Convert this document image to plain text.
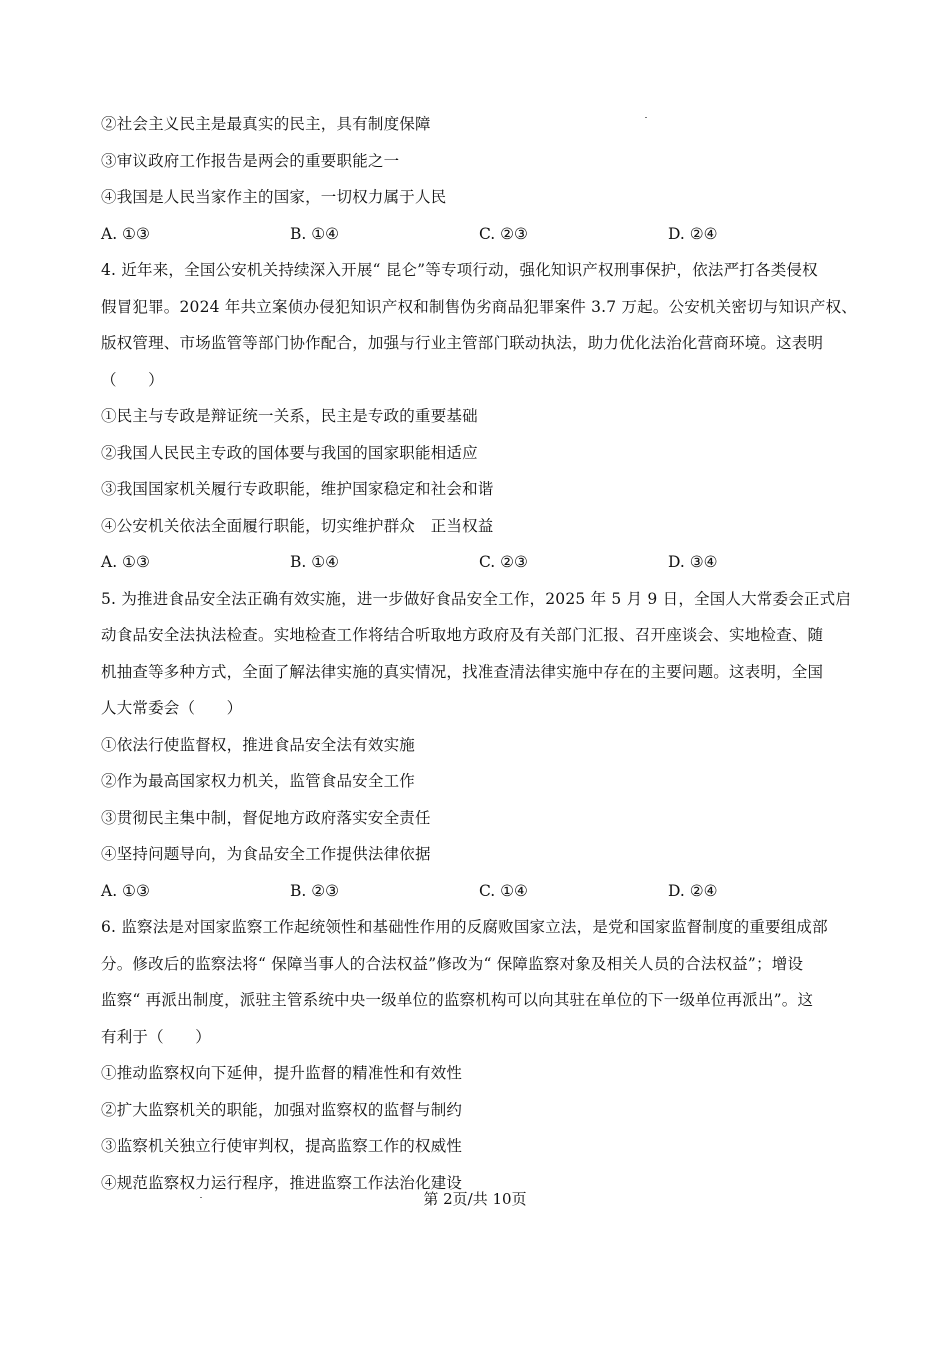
②社会主义民主是最真实的民主，具有制度保障
③审议政府工作报告是两会的重要职能之一
④我国是人民当家作主的国家，一切权力属于人民
A. ①③	B. ①④	C. ②③	D. ②④
4. 近年来，全国公安机关持续深入开展“ 昆仑”等专项行动，强化知识产权刑事保护，依法严打各类侵权
假冒犯罪。2024 年共立案侦办侵犯知识产权和制售伪劣商品犯罪案件 3.7 万起。公安机关密切与知识产权、
版权管理、市场监管等部门协作配合，加强与行业主管部门联动执法，助力优化法治化营商环境。这表明
（　　）
①民主与专政是辩证统一关系，民主是专政的重要基础
②我国人民民主专政的国体要与我国的国家职能相适应
③我国国家机关履行专政职能，维护国家稳定和社会和谐
④公安机关依法全面履行职能，切实维护群众　正当权益
A. ①③	B. ①④	C. ②③	D. ③④
5. 为推进食品安全法正确有效实施，进一步做好食品安全工作，2025 年 5 月 9 日，全国人大常委会正式启
动食品安全法执法检查。实地检查工作将结合听取地方政府及有关部门汇报、召开座谈会、实地检查、随
机抽查等多种方式，全面了解法律实施的真实情况，找准查清法律实施中存在的主要问题。这表明，全国
人大常委会（　　）
①依法行使监督权，推进食品安全法有效实施
②作为最高国家权力机关，监管食品安全工作
③贯彻民主集中制，督促地方政府落实安全责任
④坚持问题导向，为食品安全工作提供法律依据
A. ①③	B. ②③	C. ①④	D. ②④
6. 监察法是对国家监察工作起统领性和基础性作用的反腐败国家立法，是党和国家监督制度的重要组成部
分。修改后的监察法将“ 保障当事人的合法权益”修改为“ 保障监察对象及相关人员的合法权益”；增设
监察“ 再派出制度，派驻主管系统中央一级单位的监察机构可以向其驻在单位的下一级单位再派出”。这
有利于（　　）
①推动监察权向下延伸，提升监督的精准性和有效性
②扩大监察机关的职能，加强对监察权的监督与制约
③监察机关独立行使审判权，提高监察工作的权威性
④规范监察权力运行程序，推进监察工作法治化建设
第 2页/共 10页
